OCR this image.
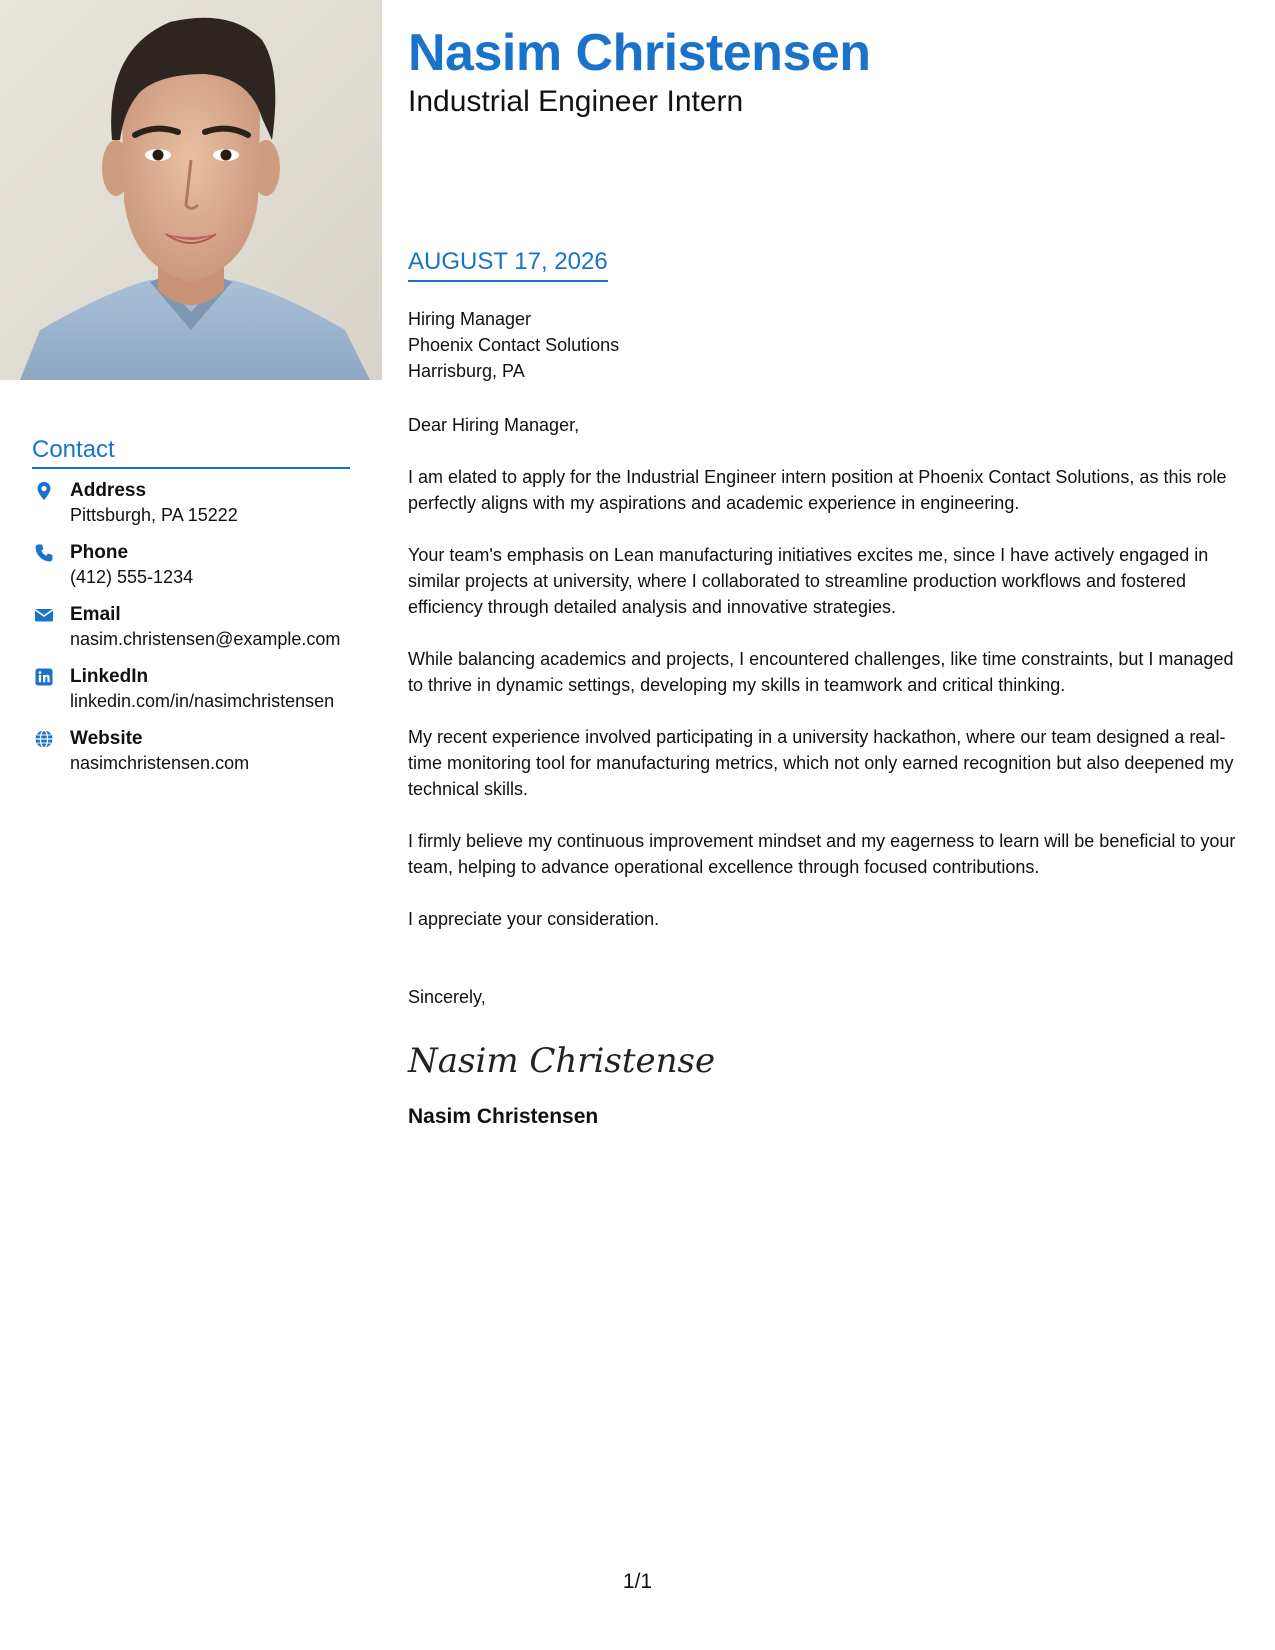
Contact
Address
Pittsburgh, PA 15222
Phone
(412) 555-1234
Email
nasim.christensen@example.com
LinkedIn
linkedin.com/in/nasimchristensen
Website
nasimchristensen.com
Nasim Christensen
Industrial Engineer Intern
AUGUST 17, 2026
Hiring Manager
Phoenix Contact Solutions
Harrisburg, PA

Dear Hiring Manager,

I am elated to apply for the Industrial Engineer intern position at Phoenix Contact Solutions, as this role perfectly aligns with my aspirations and academic experience in engineering.

Your team's emphasis on Lean manufacturing initiatives excites me, since I have actively engaged in similar projects at university, where I collaborated to streamline production workflows and fostered efficiency through detailed analysis and innovative strategies.

While balancing academics and projects, I encountered challenges, like time constraints, but I managed to thrive in dynamic settings, developing my skills in teamwork and critical thinking.

My recent experience involved participating in a university hackathon, where our team designed a real-time monitoring tool for manufacturing metrics, which not only earned recognition but also deepened my technical skills.

I firmly believe my continuous improvement mindset and my eagerness to learn will be beneficial to your team, helping to advance operational excellence through focused contributions.

I appreciate your consideration.

Sincerely,

Nasim Christense
Nasim Christensen
1/1
